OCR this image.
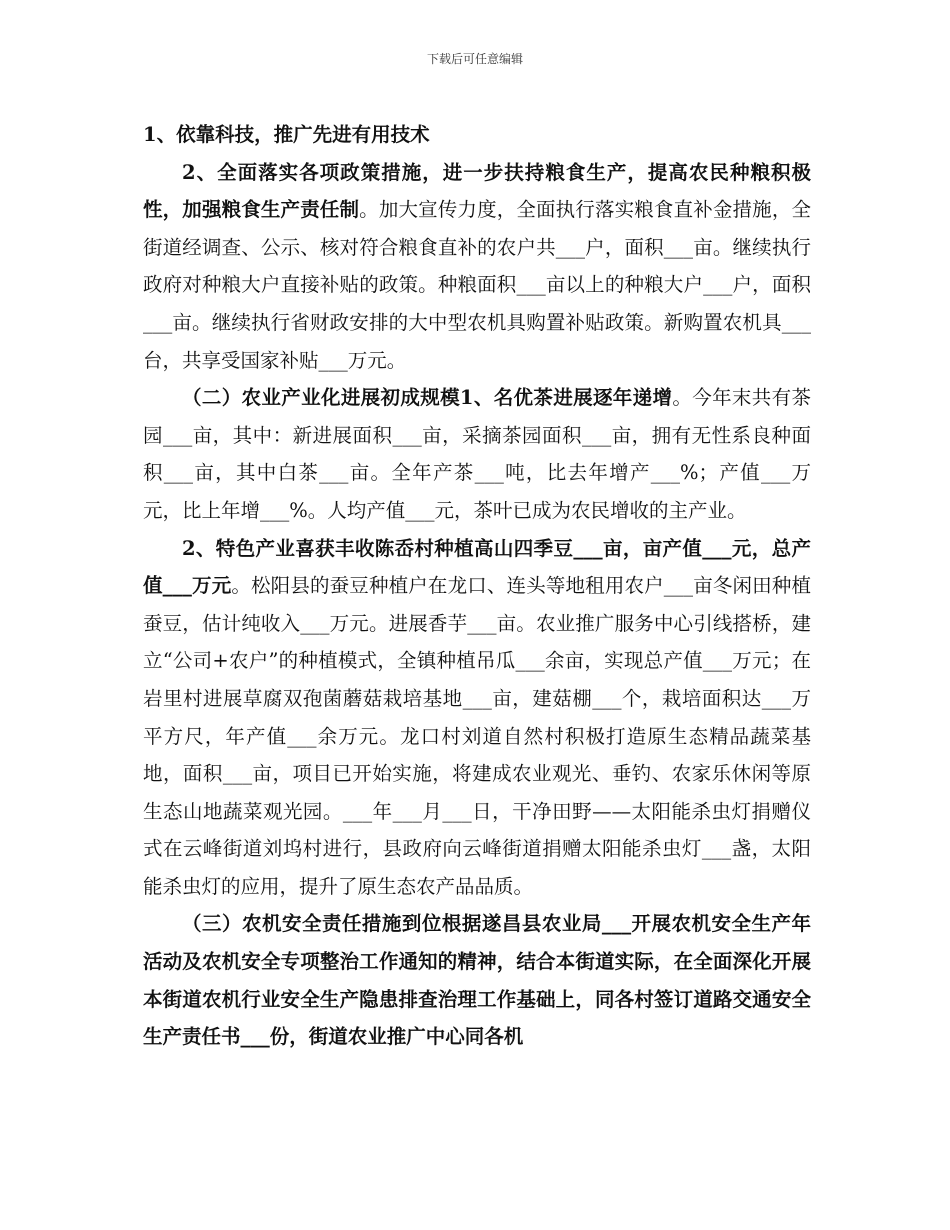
下载后可任意编辑

1、依靠科技，推广先进有用技术

2、全面落实各项政策措施，进一步扶持粮食生产，提高农民种粮积极性，加强粮食生产责任制。加大宣传力度，全面执行落实粮食直补金措施，全街道经调查、公示、核对符合粮食直补的农户共___户，面积___亩。继续执行政府对种粮大户直接补贴的政策。种粮面积___亩以上的种粮大户___户，面积___亩。继续执行省财政安排的大中型农机具购置补贴政策。新购置农机具___台，共享受国家补贴___万元。

（二）农业产业化进展初成规模1、名优茶进展逐年递增。今年末共有茶园___亩，其中：新进展面积___亩，采摘茶园面积___亩，拥有无性系良种面积___亩，其中白茶___亩。全年产茶___吨，比去年增产___%；产值___万元，比上年增___%。人均产值___元，茶叶已成为农民增收的主产业。

2、特色产业喜获丰收陈岙村种植高山四季豆___亩，亩产值___元，总产值___万元。松阳县的蚕豆种植户在龙口、连头等地租用农户___亩冬闲田种植蚕豆，估计纯收入___万元。进展香芋___亩。农业推广服务中心引线搭桥，建立“公司+农户”的种植模式，全镇种植吊瓜___余亩，实现总产值___万元；在岩里村进展草腐双孢菌蘑菇栽培基地___亩，建菇棚___个，栽培面积达___万平方尺，年产值___余万元。龙口村刘道自然村积极打造原生态精品蔬菜基地，面积___亩，项目已开始实施，将建成农业观光、垂钓、农家乐休闲等原生态山地蔬菜观光园。___年___月___日，干净田野——太阳能杀虫灯捐赠仪式在云峰街道刘坞村进行，县政府向云峰街道捐赠太阳能杀虫灯___盏，太阳能杀虫灯的应用，提升了原生态农产品品质。

（三）农机安全责任措施到位根据遂昌县农业局___开展农机安全生产年活动及农机安全专项整治工作通知的精神，结合本街道实际，在全面深化开展本街道农机行业安全生产隐患排查治理工作基础上，同各村签订道路交通安全生产责任书___份，街道农业推广中心同各机
